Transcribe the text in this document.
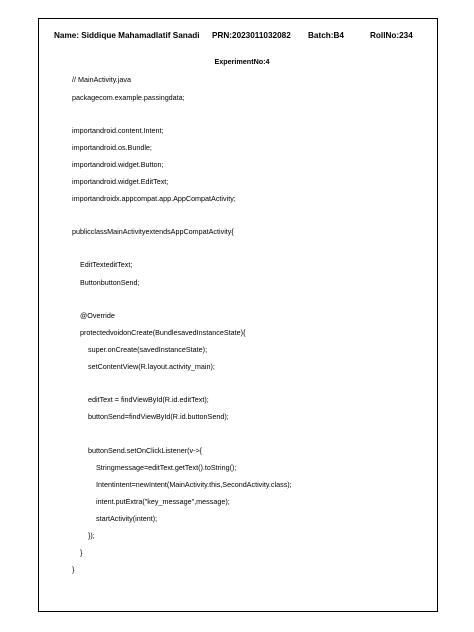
Name: Siddique Mahamadlatif Sanadi PRN:2023011032082 Batch:B4	RollNo:234
ExperimentNo:4
// MainActivity.java
packagecom.example.passingdata;
importandroid.content.Intent;
importandroid.os.Bundle;
importandroid.widget.Button;
importandroid.widget.EditText;
importandroidx.appcompat.app.AppCompatActivity;
publicclassMainActivityextendsAppCompatActivity{
EditTexteditText;
ButtonbuttonSend;
@Override
protectedvoidonCreate(BundlesavedInstanceState){
super.onCreate(savedInstanceState);
setContentView(R.layout.activity_main);
editText = findViewById(R.id.editText);
buttonSend=findViewById(R.id.buttonSend);
buttonSend.setOnClickListener(v->{
Stringmessage=editText.getText().toString();
Intentintent=newIntent(MainActivity.this,SecondActivity.class);
intent.putExtra("key_message",message);
startActivity(intent);
});
}
}
